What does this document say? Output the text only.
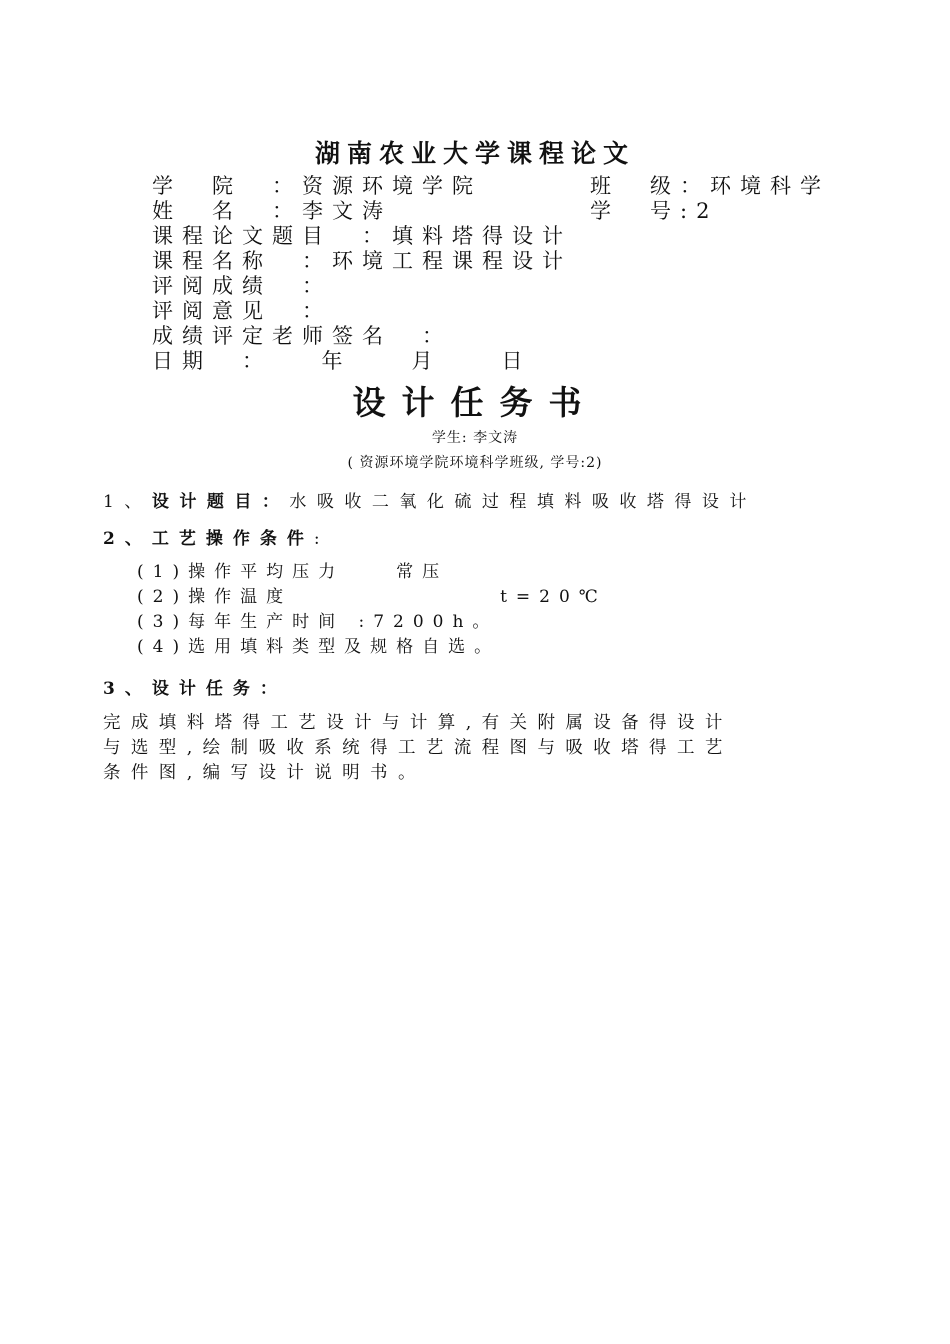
湖南农业大学课程论文
学　院　：资源环境学院	班　级：环境科学
姓　名　：李文涛	学　号:2
课程论文题目　：填料塔得设计
课程名称　：环境工程课程设计
评阅成绩　：
评阅意见　：
成绩评定老师签名　：
日期　：　　年　　月　　日
设计任务书
学生: 李文涛
( 资源环境学院环境科学班级, 学号:2)
1、设计题目：水吸收二氧化硫过程填料吸收塔得设计
2、工艺操作条件:
(1)操作平均压力　　常压
(2)操作温度　　　　　　　　t=20℃
(3)每年生产时间 :7200h。
(4)选用填料类型及规格自选。
3、设计任务：
完成填料塔得工艺设计与计算,有关附属设备得设计
与选型,绘制吸收系统得工艺流程图与吸收塔得工艺
条件图,编写设计说明书。
